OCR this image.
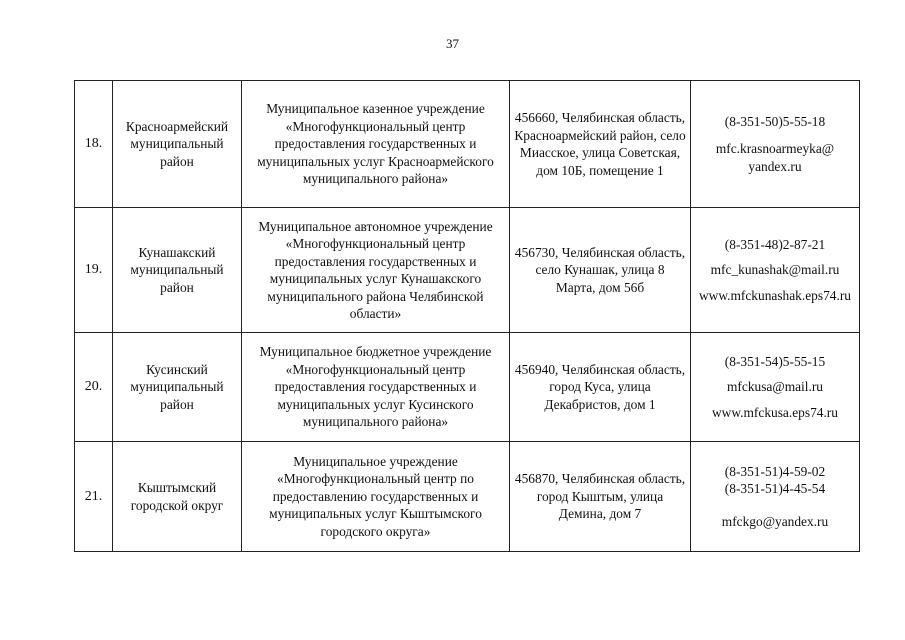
37
18.	Красноармейский муниципальный район	Муниципальное казенное учреждение «Многофункциональный центр предоставления государственных и муниципальных услуг Красноармейского муниципального района»	456660, Челябинская область, Красноармейский район, село Миасское, улица Советская, дом 10Б, помещение 1	(8-351-50)5-55-18
mfc.krasnoarmeyka@ yandex.ru

19.	Кунашакский муниципальный район	Муниципальное автономное учреждение «Многофункциональный центр предоставления государственных и муниципальных услуг Кунашакского муниципального района Челябинской области»	456730, Челябинская область, село Кунашак, улица 8 Марта, дом 56б	(8-351-48)2-87-21
mfc_kunashak@mail.ru
www.mfckunashak.eps74.ru

20.	Кусинский муниципальный район	Муниципальное бюджетное учреждение «Многофункциональный центр предоставления государственных и муниципальных услуг Кусинского муниципального района»	456940, Челябинская область, город Куса, улица Декабристов, дом 1	(8-351-54)5-55-15
mfckusa@mail.ru
www.mfckusa.eps74.ru

21.	Кыштымский городской округ	Муниципальное учреждение «Многофункциональный центр по предоставлению государственных и муниципальных услуг Кыштымского городского округа»	456870, Челябинская область, город Кыштым, улица Демина, дом 7	(8-351-51)4-59-02
(8-351-51)4-45-54
mfckgo@yandex.ru
